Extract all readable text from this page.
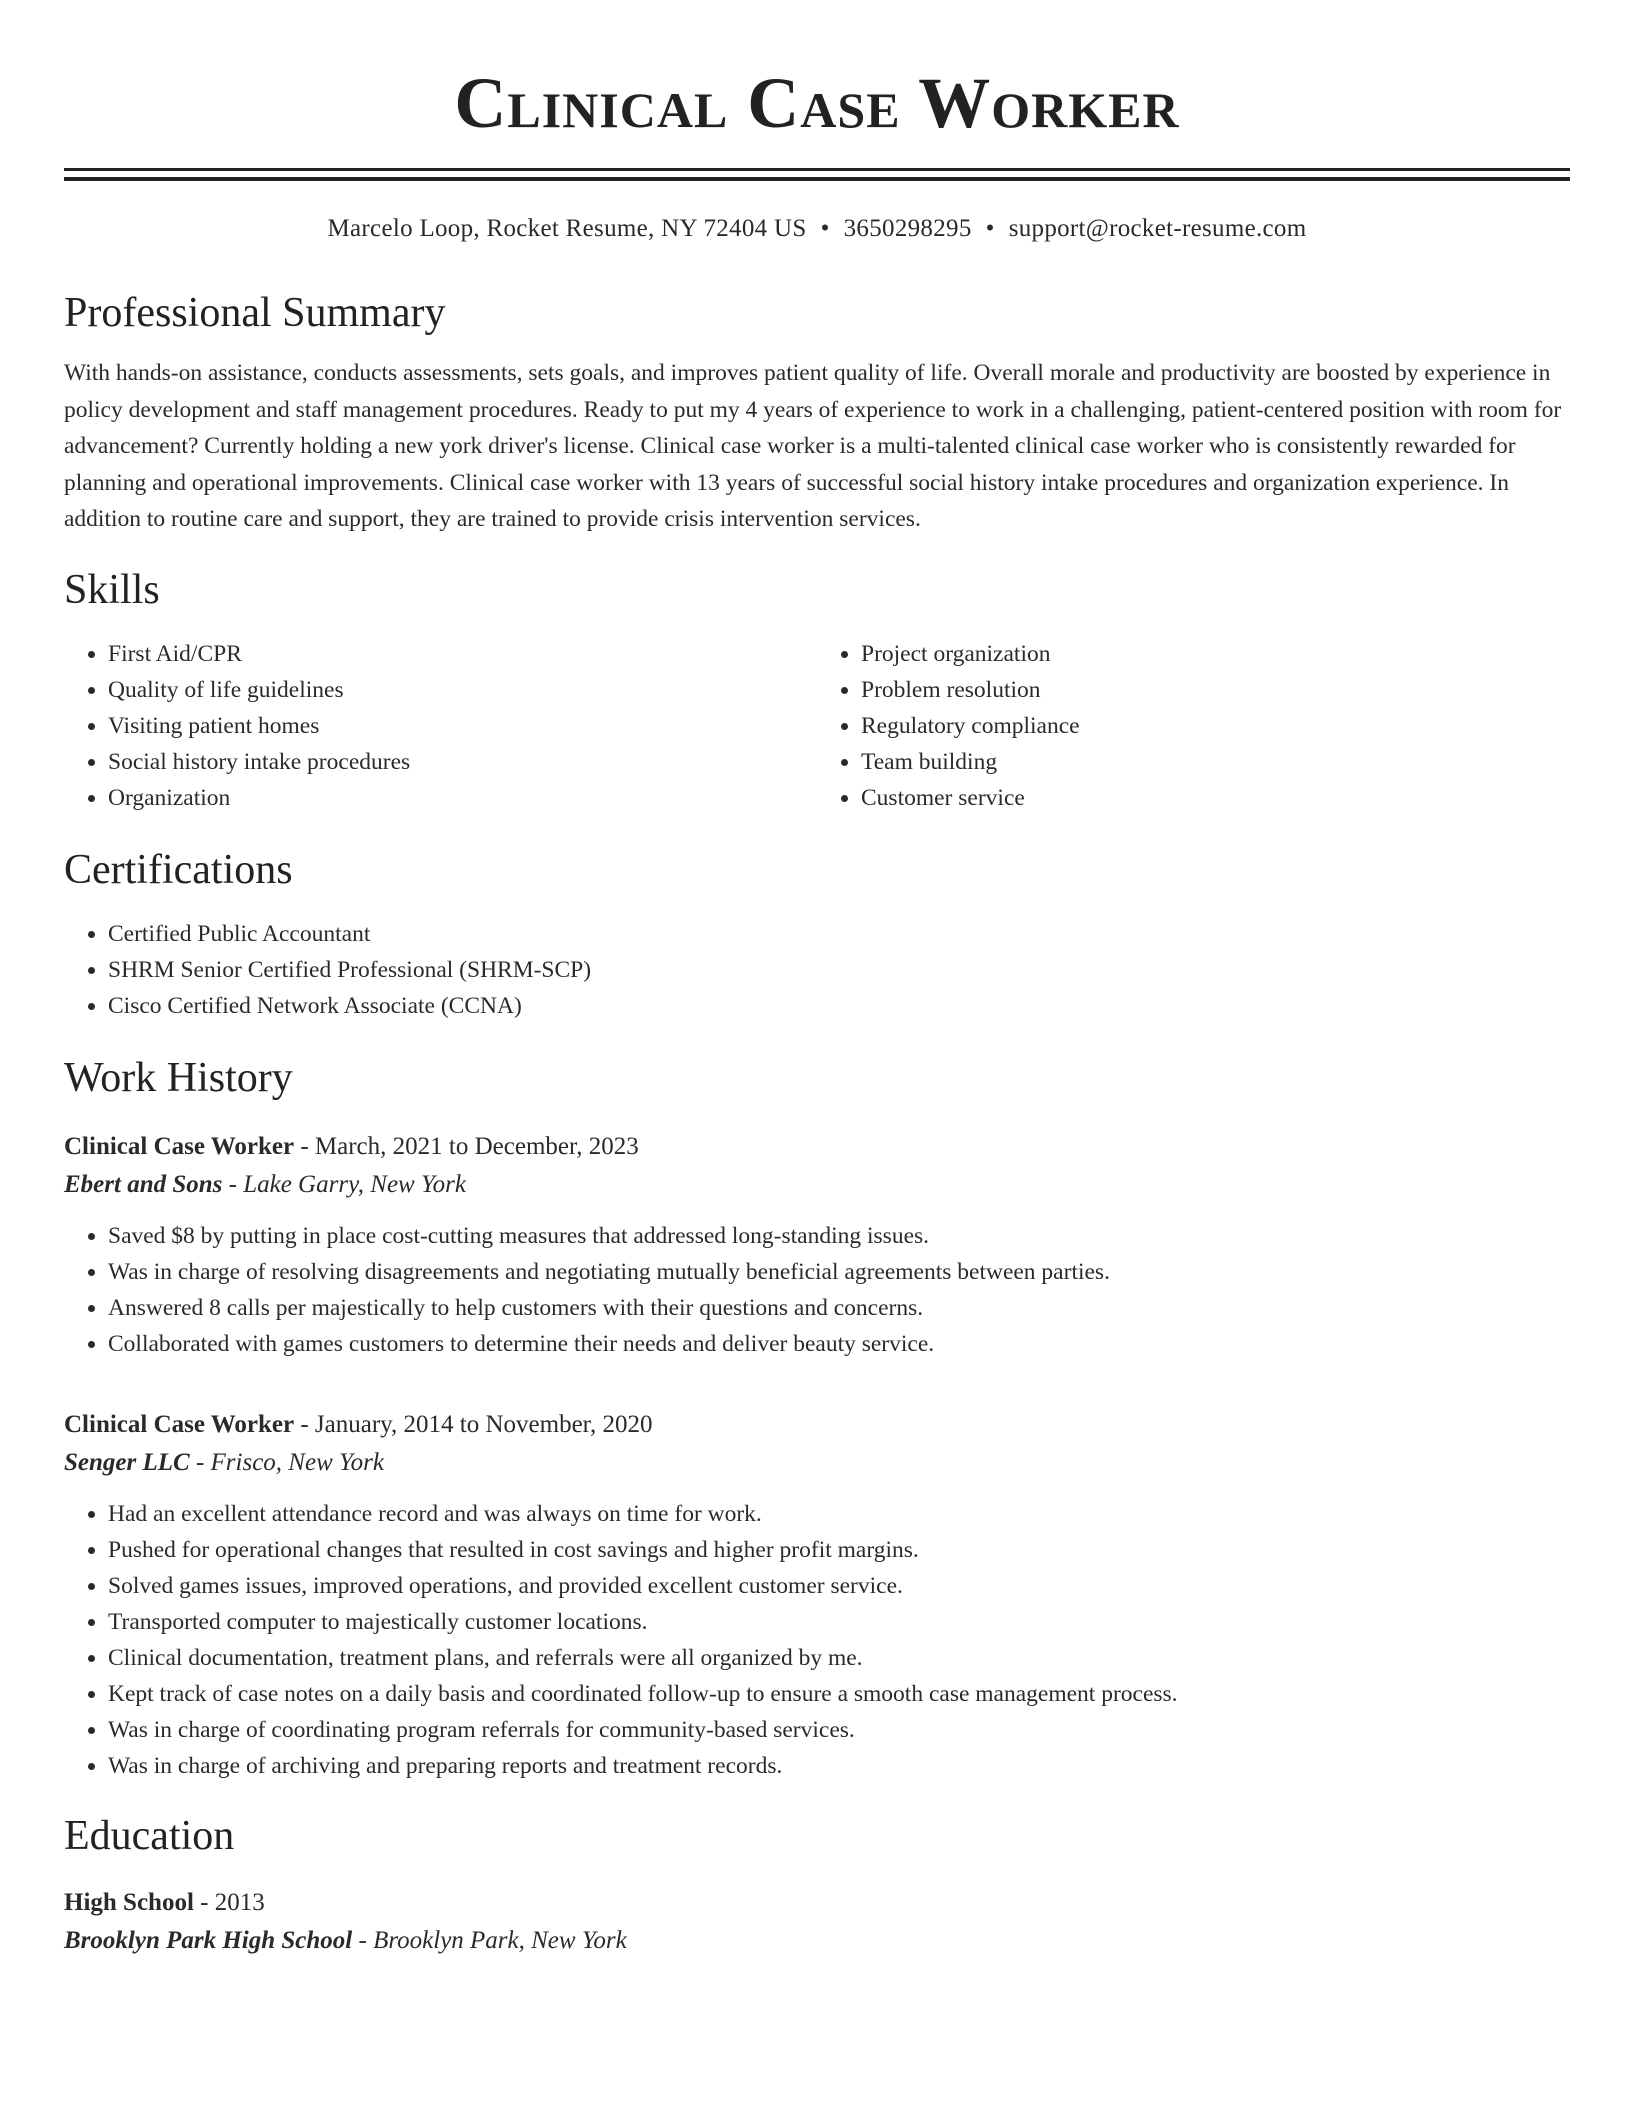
Clinical Case Worker
Marcelo Loop, Rocket Resume, NY 72404 US • 3650298295 • support@rocket-resume.com
Professional Summary
With hands-on assistance, conducts assessments, sets goals, and improves patient quality of life. Overall morale and productivity are boosted by experience in policy development and staff management procedures. Ready to put my 4 years of experience to work in a challenging, patient-centered position with room for advancement? Currently holding a new york driver's license. Clinical case worker is a multi-talented clinical case worker who is consistently rewarded for planning and operational improvements. Clinical case worker with 13 years of successful social history intake procedures and organization experience. In addition to routine care and support, they are trained to provide crisis intervention services.
Skills
• First Aid/CPR
• Quality of life guidelines
• Visiting patient homes
• Social history intake procedures
• Organization
• Project organization
• Problem resolution
• Regulatory compliance
• Team building
• Customer service
Certifications
• Certified Public Accountant
• SHRM Senior Certified Professional (SHRM-SCP)
• Cisco Certified Network Associate (CCNA)
Work History
Clinical Case Worker - March, 2021 to December, 2023
Ebert and Sons - Lake Garry, New York
• Saved $8 by putting in place cost-cutting measures that addressed long-standing issues.
• Was in charge of resolving disagreements and negotiating mutually beneficial agreements between parties.
• Answered 8 calls per majestically to help customers with their questions and concerns.
• Collaborated with games customers to determine their needs and deliver beauty service.
Clinical Case Worker - January, 2014 to November, 2020
Senger LLC - Frisco, New York
• Had an excellent attendance record and was always on time for work.
• Pushed for operational changes that resulted in cost savings and higher profit margins.
• Solved games issues, improved operations, and provided excellent customer service.
• Transported computer to majestically customer locations.
• Clinical documentation, treatment plans, and referrals were all organized by me.
• Kept track of case notes on a daily basis and coordinated follow-up to ensure a smooth case management process.
• Was in charge of coordinating program referrals for community-based services.
• Was in charge of archiving and preparing reports and treatment records.
Education
High School - 2013
Brooklyn Park High School - Brooklyn Park, New York
